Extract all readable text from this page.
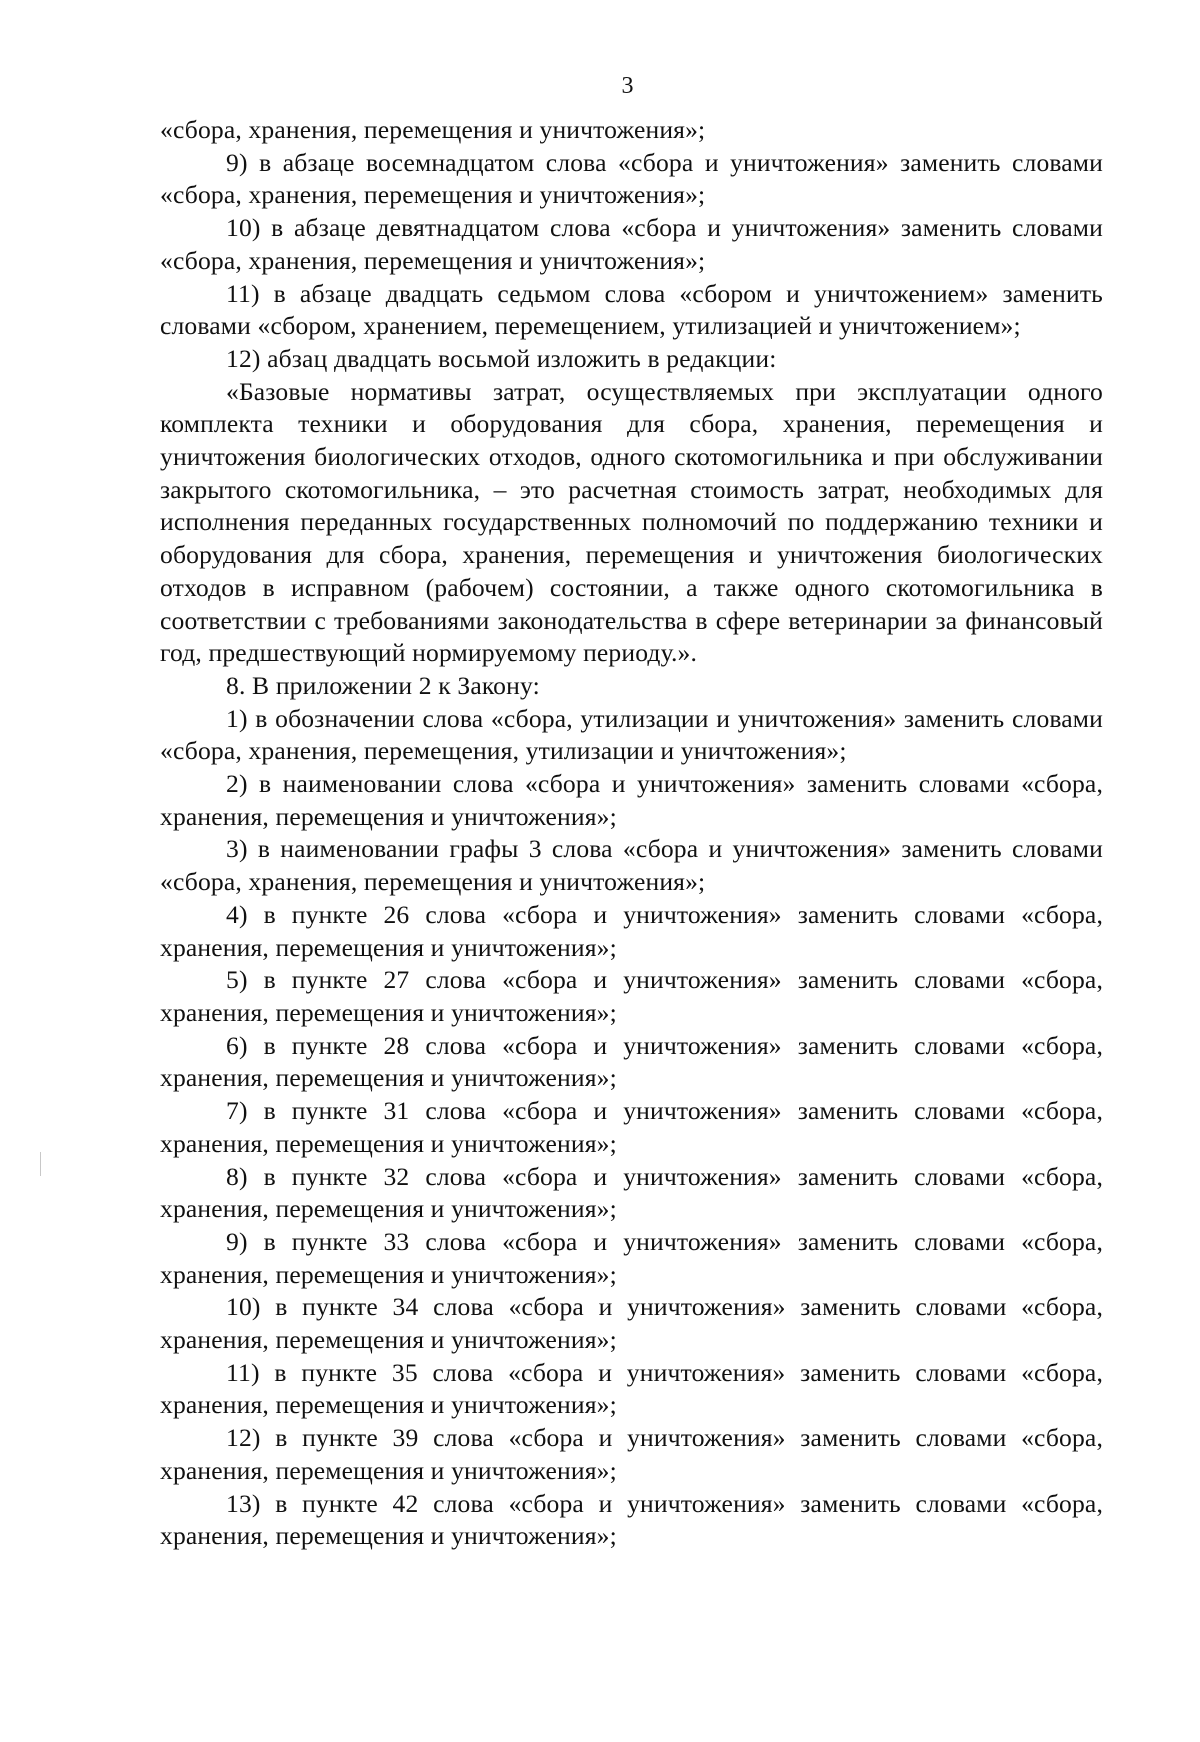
3

«сбора, хранения, перемещения и уничтожения»;

9) в абзаце восемнадцатом слова «сбора и уничтожения» заменить словами «сбора, хранения, перемещения и уничтожения»;

10) в абзаце девятнадцатом слова «сбора и уничтожения» заменить словами «сбора, хранения, перемещения и уничтожения»;

11) в абзаце двадцать седьмом слова «сбором и уничтожением» заменить словами «сбором, хранением, перемещением, утилизацией и уничтожением»;

12) абзац двадцать восьмой изложить в редакции:

«Базовые нормативы затрат, осуществляемых при эксплуатации одного комплекта техники и оборудования для сбора, хранения, перемещения и уничтожения биологических отходов, одного скотомогильника и при обслуживании закрытого скотомогильника, – это расчетная стоимость затрат, необходимых для исполнения переданных государственных полномочий по поддержанию техники и оборудования для сбора, хранения, перемещения и уничтожения биологических отходов в исправном (рабочем) состоянии, а также одного скотомогильника в соответствии с требованиями законодательства в сфере ветеринарии за финансовый год, предшествующий нормируемому периоду.».

8. В приложении 2 к Закону:

1) в обозначении слова «сбора, утилизации и уничтожения» заменить словами «сбора, хранения, перемещения, утилизации и уничтожения»;

2) в наименовании слова «сбора и уничтожения» заменить словами «сбора, хранения, перемещения и уничтожения»;

3) в наименовании графы 3 слова «сбора и уничтожения» заменить словами «сбора, хранения, перемещения и уничтожения»;

4) в пункте 26 слова «сбора и уничтожения» заменить словами «сбора, хранения, перемещения и уничтожения»;

5) в пункте 27 слова «сбора и уничтожения» заменить словами «сбора, хранения, перемещения и уничтожения»;

6) в пункте 28 слова «сбора и уничтожения» заменить словами «сбора, хранения, перемещения и уничтожения»;

7) в пункте 31 слова «сбора и уничтожения» заменить словами «сбора, хранения, перемещения и уничтожения»;

8) в пункте 32 слова «сбора и уничтожения» заменить словами «сбора, хранения, перемещения и уничтожения»;

9) в пункте 33 слова «сбора и уничтожения» заменить словами «сбора, хранения, перемещения и уничтожения»;

10) в пункте 34 слова «сбора и уничтожения» заменить словами «сбора, хранения, перемещения и уничтожения»;

11) в пункте 35 слова «сбора и уничтожения» заменить словами «сбора, хранения, перемещения и уничтожения»;

12) в пункте 39 слова «сбора и уничтожения» заменить словами «сбора, хранения, перемещения и уничтожения»;

13) в пункте 42 слова «сбора и уничтожения» заменить словами «сбора, хранения, перемещения и уничтожения»;
